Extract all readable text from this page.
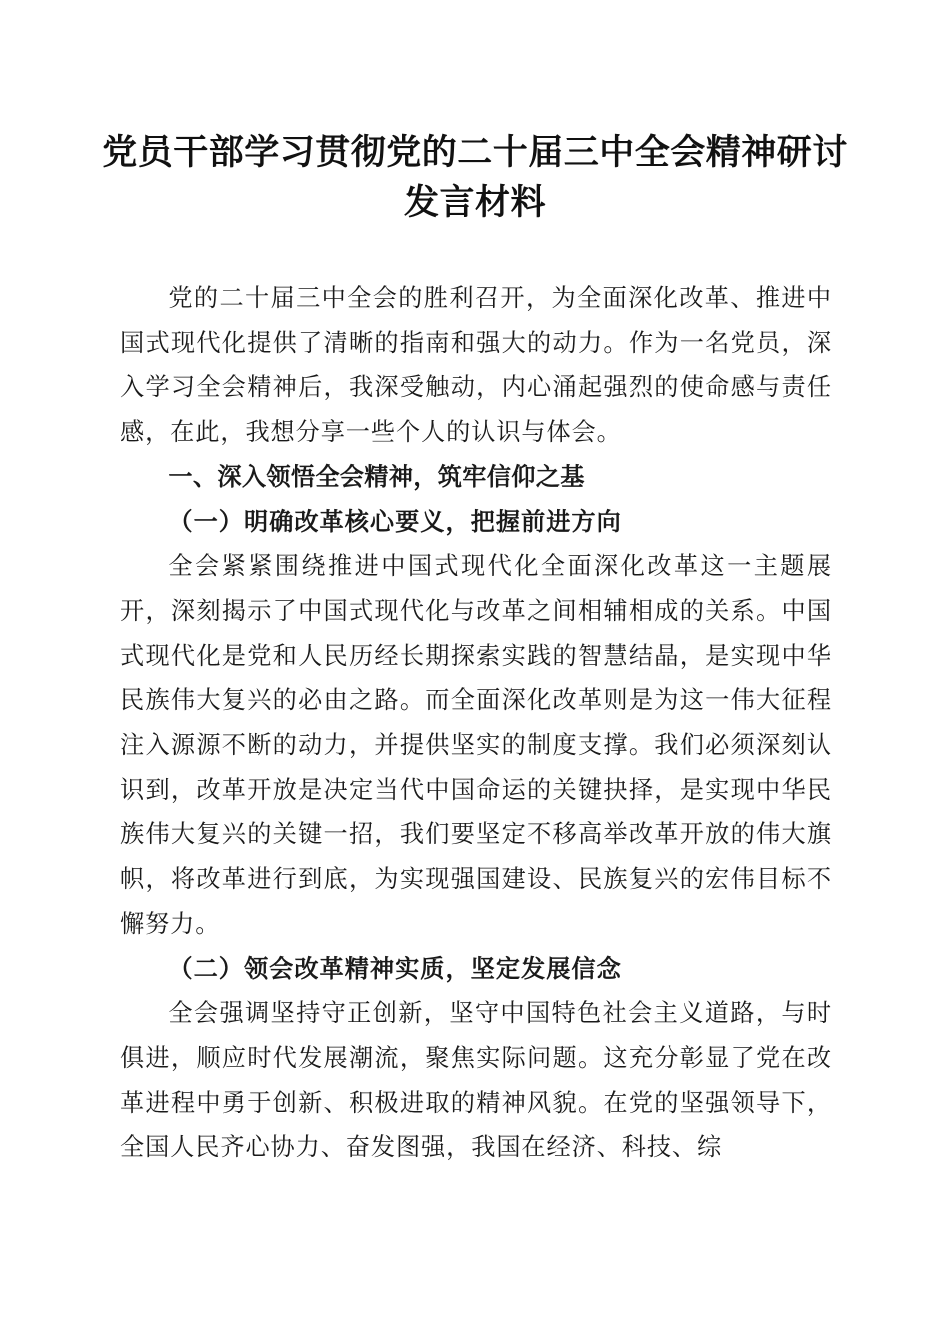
党员干部学习贯彻党的二十届三中全会精神研讨发言材料

党的二十届三中全会的胜利召开，为全面深化改革、推进中国式现代化提供了清晰的指南和强大的动力。作为一名党员，深入学习全会精神后，我深受触动，内心涌起强烈的使命感与责任感，在此，我想分享一些个人的认识与体会。

一、深入领悟全会精神，筑牢信仰之基

（一）明确改革核心要义，把握前进方向

全会紧紧围绕推进中国式现代化全面深化改革这一主题展开，深刻揭示了中国式现代化与改革之间相辅相成的关系。中国式现代化是党和人民历经长期探索实践的智慧结晶，是实现中华民族伟大复兴的必由之路。而全面深化改革则是为这一伟大征程注入源源不断的动力，并提供坚实的制度支撑。我们必须深刻认识到，改革开放是决定当代中国命运的关键抉择，是实现中华民族伟大复兴的关键一招，我们要坚定不移高举改革开放的伟大旗帜，将改革进行到底，为实现强国建设、民族复兴的宏伟目标不懈努力。

（二）领会改革精神实质，坚定发展信念

全会强调坚持守正创新，坚守中国特色社会主义道路，与时俱进，顺应时代发展潮流，聚焦实际问题。这充分彰显了党在改革进程中勇于创新、积极进取的精神风貌。在党的坚强领导下，全国人民齐心协力、奋发图强，我国在经济、科技、综
